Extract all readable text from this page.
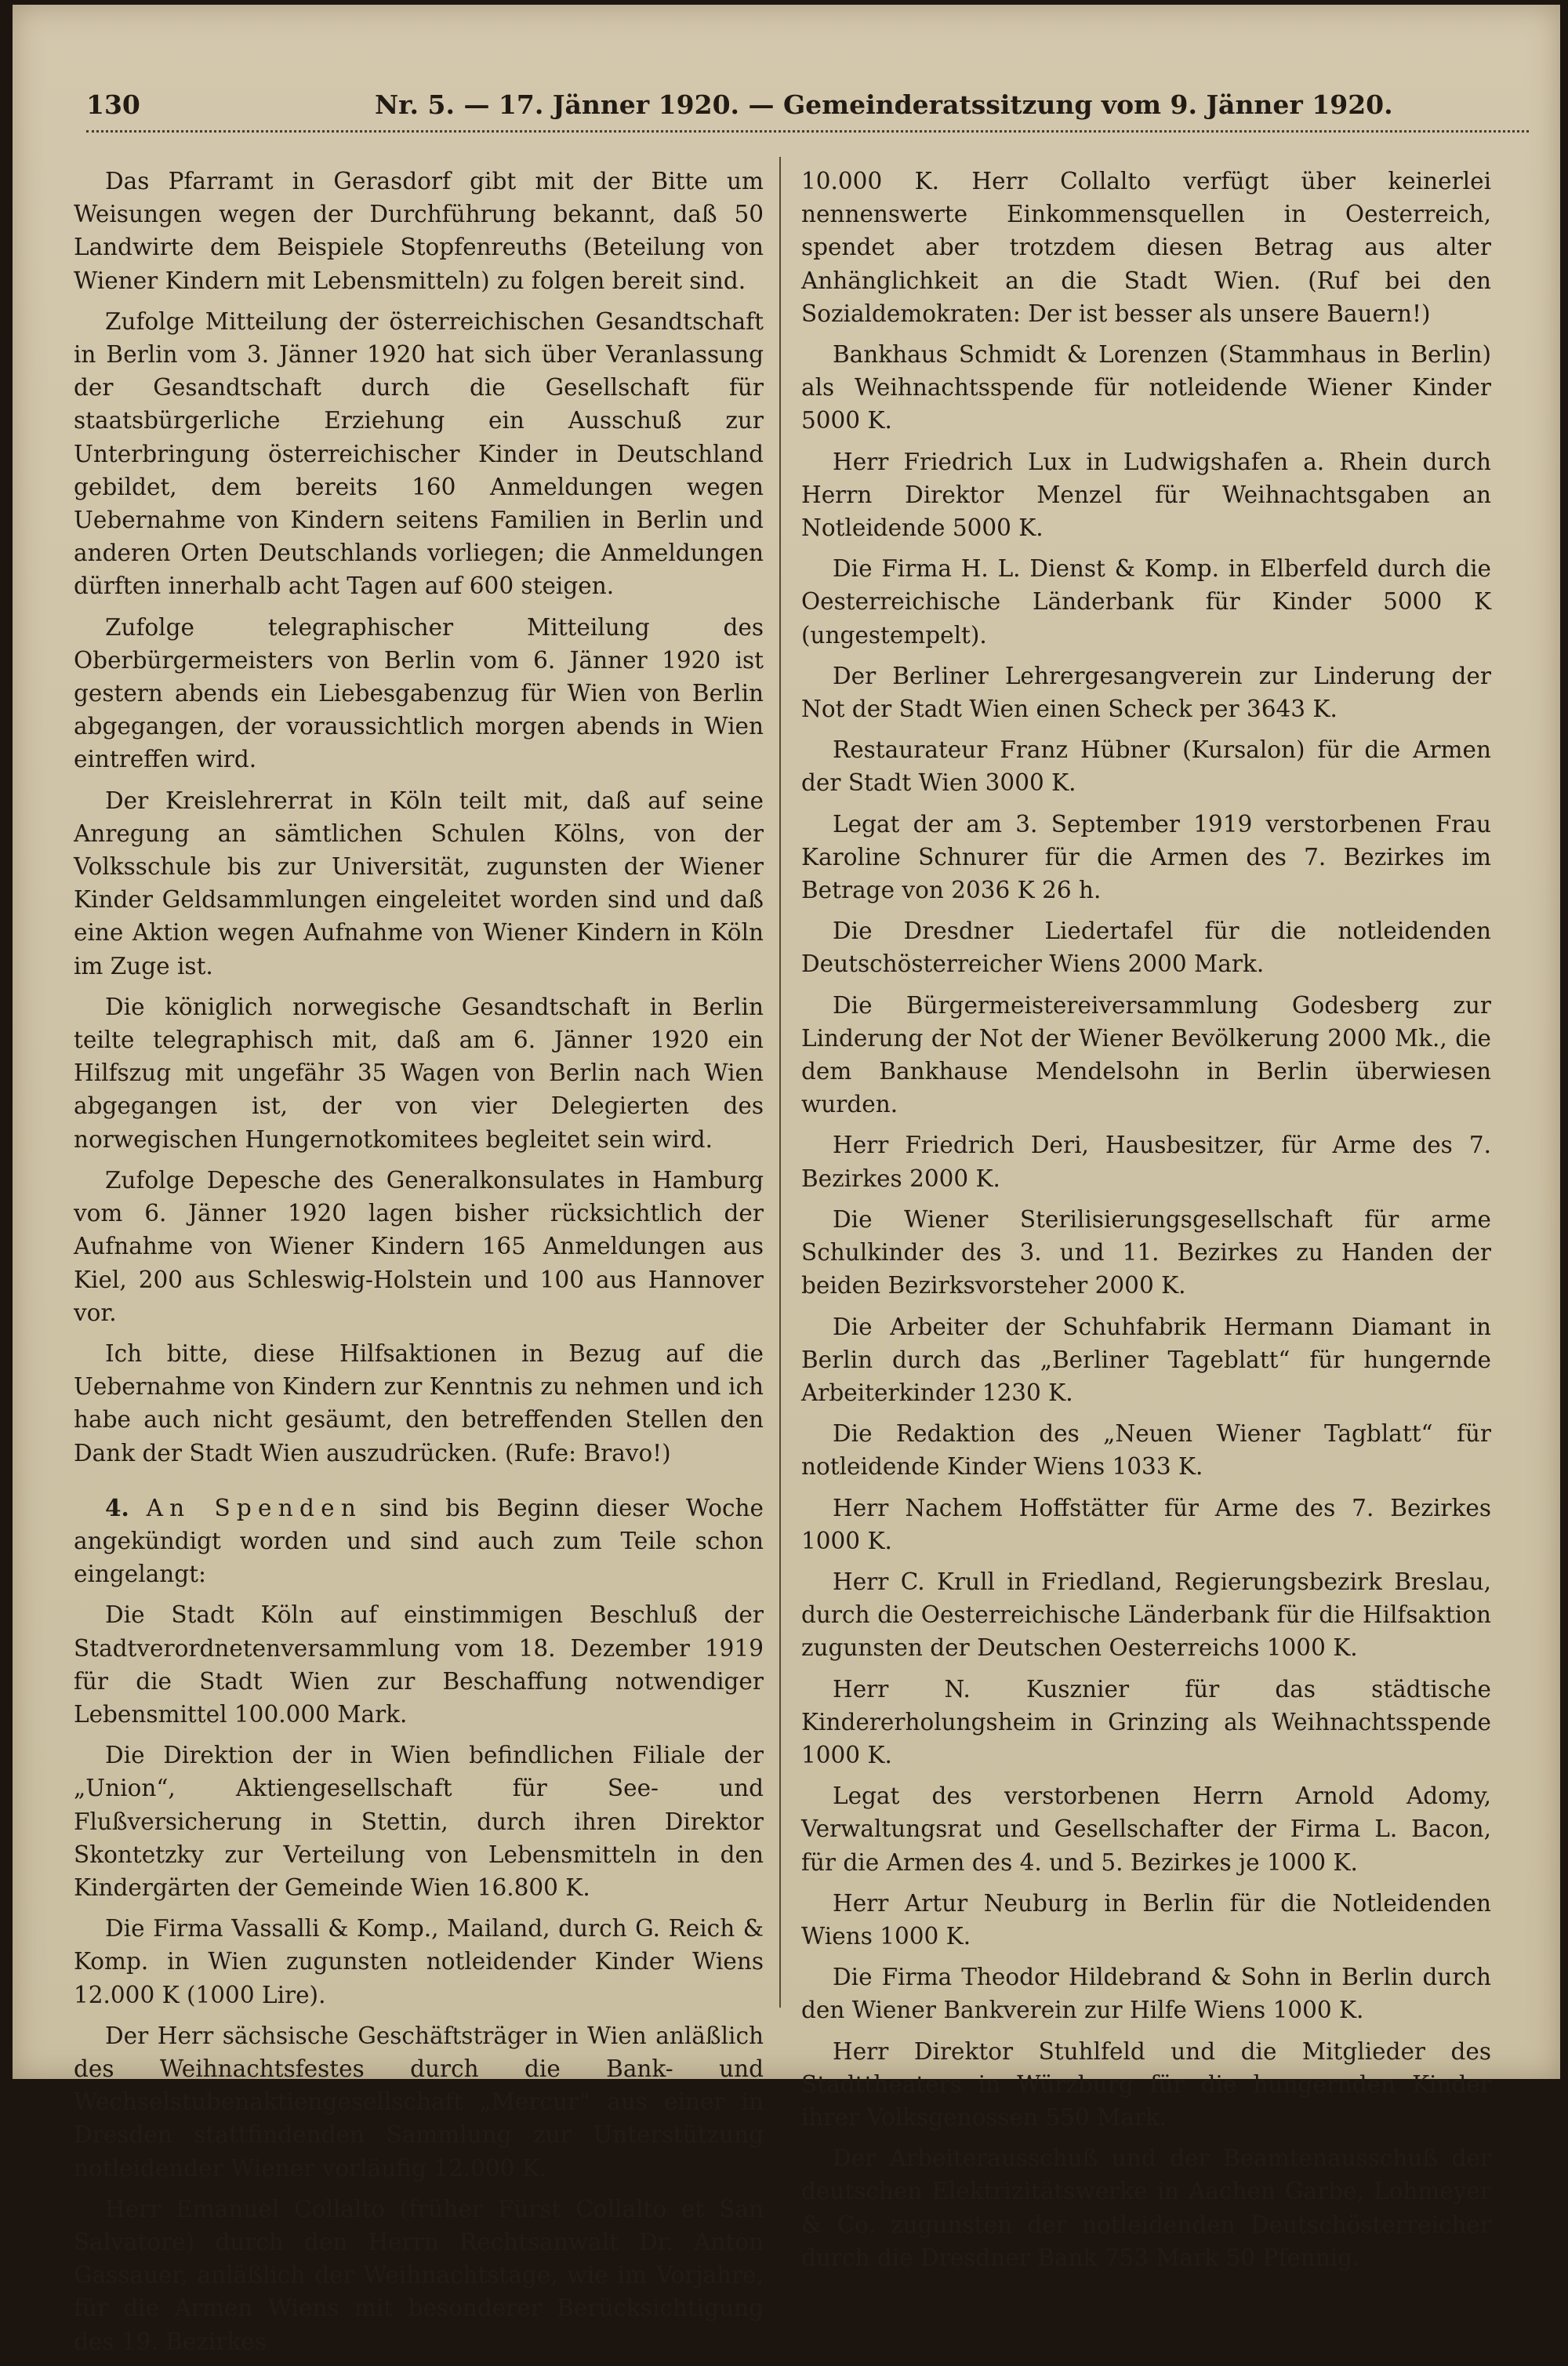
130	Nr. 5. — 17. Jänner 1920. — Gemeinderatssitzung vom 9. Jänner 1920.

Das Pfarramt in Gerasdorf gibt mit der Bitte um Weisungen wegen der Durchführung bekannt, daß 50 Landwirte dem Beispiele Stopfenreuths (Beteilung von Wiener Kindern mit Lebensmitteln) zu folgen bereit sind.

Zufolge Mitteilung der österreichischen Gesandtschaft in Berlin vom 3. Jänner 1920 hat sich über Veranlassung der Gesandtschaft durch die Gesellschaft für staatsbürgerliche Erziehung ein Ausschuß zur Unterbringung österreichischer Kinder in Deutschland gebildet, dem bereits 160 Anmeldungen wegen Uebernahme von Kindern seitens Familien in Berlin und anderen Orten Deutschlands vorliegen; die Anmeldungen dürften innerhalb acht Tagen auf 600 steigen.

Zufolge telegraphischer Mitteilung des Oberbürgermeisters von Berlin vom 6. Jänner 1920 ist gestern abends ein Liebesgabenzug für Wien von Berlin abgegangen, der voraussichtlich morgen abends in Wien eintreffen wird.

Der Kreislehrerrat in Köln teilt mit, daß auf seine Anregung an sämtlichen Schulen Kölns, von der Volksschule bis zur Universität, zugunsten der Wiener Kinder Geldsammlungen eingeleitet worden sind und daß eine Aktion wegen Aufnahme von Wiener Kindern in Köln im Zuge ist.

Die königlich norwegische Gesandtschaft in Berlin teilte telegraphisch mit, daß am 6. Jänner 1920 ein Hilfszug mit ungefähr 35 Wagen von Berlin nach Wien abgegangen ist, der von vier Delegierten des norwegischen Hungernotkomitees begleitet sein wird.

Zufolge Depesche des Generalkonsulates in Hamburg vom 6. Jänner 1920 lagen bisher rücksichtlich der Aufnahme von Wiener Kindern 165 Anmeldungen aus Kiel, 200 aus Schleswig-Holstein und 100 aus Hannover vor.

Ich bitte, diese Hilfsaktionen in Bezug auf die Uebernahme von Kindern zur Kenntnis zu nehmen und ich habe auch nicht gesäumt, den betreffenden Stellen den Dank der Stadt Wien auszudrücken. (Rufe: Bravo!)

4. An Spenden sind bis Beginn dieser Woche angekündigt worden und sind auch zum Teile schon eingelangt:

Die Stadt Köln auf einstimmigen Beschluß der Stadtverordnetenversammlung vom 18. Dezember 1919 für die Stadt Wien zur Beschaffung notwendiger Lebensmittel 100.000 Mark.

Die Direktion der in Wien befindlichen Filiale der „Union“, Aktiengesellschaft für See- und Flußversicherung in Stettin, durch ihren Direktor Skontetzky zur Verteilung von Lebensmitteln in den Kindergärten der Gemeinde Wien 16.800 K.

Die Firma Vassalli & Komp., Mailand, durch G. Reich & Komp. in Wien zugunsten notleidender Kinder Wiens 12.000 K (1000 Lire).

Der Herr sächsische Geschäftsträger in Wien anläßlich des Weihnachtsfestes durch die Bank- und Wechselstubenaktiengesellschaft „Mercur“ aus einer in Dresden stattfindenden Sammlung zur Unterstützung notleidender Wiener vorläufig 12.000 K.

Herr Emanuel Collalto (früher Fürst Collalto et San Salvatore) durch den Herrn Rechtsanwalt Dr. Anton Gassauer, anläßlich der Weihnachtstage, wie im Vorjahre, für die Armen Wiens mit besonderer Berücksichtigung des 19. Bezirkes

10.000 K. Herr Collalto verfügt über keinerlei nennenswerte Einkommensquellen in Oesterreich, spendet aber trotzdem diesen Betrag aus alter Anhänglichkeit an die Stadt Wien. (Ruf bei den Sozialdemokraten: Der ist besser als unsere Bauern!)

Bankhaus Schmidt & Lorenzen (Stammhaus in Berlin) als Weihnachtsspende für notleidende Wiener Kinder 5000 K.

Herr Friedrich Lux in Ludwigshafen a. Rhein durch Herrn Direktor Menzel für Weihnachtsgaben an Notleidende 5000 K.

Die Firma H. L. Dienst & Komp. in Elberfeld durch die Oesterreichische Länderbank für Kinder 5000 K (ungestempelt).

Der Berliner Lehrergesangverein zur Linderung der Not der Stadt Wien einen Scheck per 3643 K.

Restaurateur Franz Hübner (Kursalon) für die Armen der Stadt Wien 3000 K.

Legat der am 3. September 1919 verstorbenen Frau Karoline Schnurer für die Armen des 7. Bezirkes im Betrage von 2036 K 26 h.

Die Dresdner Liedertafel für die notleidenden Deutschösterreicher Wiens 2000 Mark.

Die Bürgermeistereiversammlung Godesberg zur Linderung der Not der Wiener Bevölkerung 2000 Mk., die dem Bankhause Mendelsohn in Berlin überwiesen wurden.

Herr Friedrich Deri, Hausbesitzer, für Arme des 7. Bezirkes 2000 K.

Die Wiener Sterilisierungsgesellschaft für arme Schulkinder des 3. und 11. Bezirkes zu Handen der beiden Bezirksvorsteher 2000 K.

Die Arbeiter der Schuhfabrik Hermann Diamant in Berlin durch das „Berliner Tageblatt“ für hungernde Arbeiterkinder 1230 K.

Die Redaktion des „Neuen Wiener Tagblatt“ für notleidende Kinder Wiens 1033 K.

Herr Nachem Hoffstätter für Arme des 7. Bezirkes 1000 K.

Herr C. Krull in Friedland, Regierungsbezirk Breslau, durch die Oesterreichische Länderbank für die Hilfsaktion zugunsten der Deutschen Oesterreichs 1000 K.

Herr N. Kusznier für das städtische Kindererholungsheim in Grinzing als Weihnachtsspende 1000 K.

Legat des verstorbenen Herrn Arnold Adomy, Verwaltungsrat und Gesellschafter der Firma L. Bacon, für die Armen des 4. und 5. Bezirkes je 1000 K.

Herr Artur Neuburg in Berlin für die Notleidenden Wiens 1000 K.

Die Firma Theodor Hildebrand & Sohn in Berlin durch den Wiener Bankverein zur Hilfe Wiens 1000 K.

Herr Direktor Stuhlfeld und die Mitglieder des Stadttheaters in Würzburg für die hungernden Kinder ihrer Volksgenossen 550 Mark.

Der Arbeiterausschuß und der Beamtenausschuß der deutschen Elektrizitätswerke in Aachen Garbe, Lohmeyer & Co. zugunsten der notleidenden Deutschösterreicher durch die Dresdner Bank 753 Mark 50 Pfennig.
